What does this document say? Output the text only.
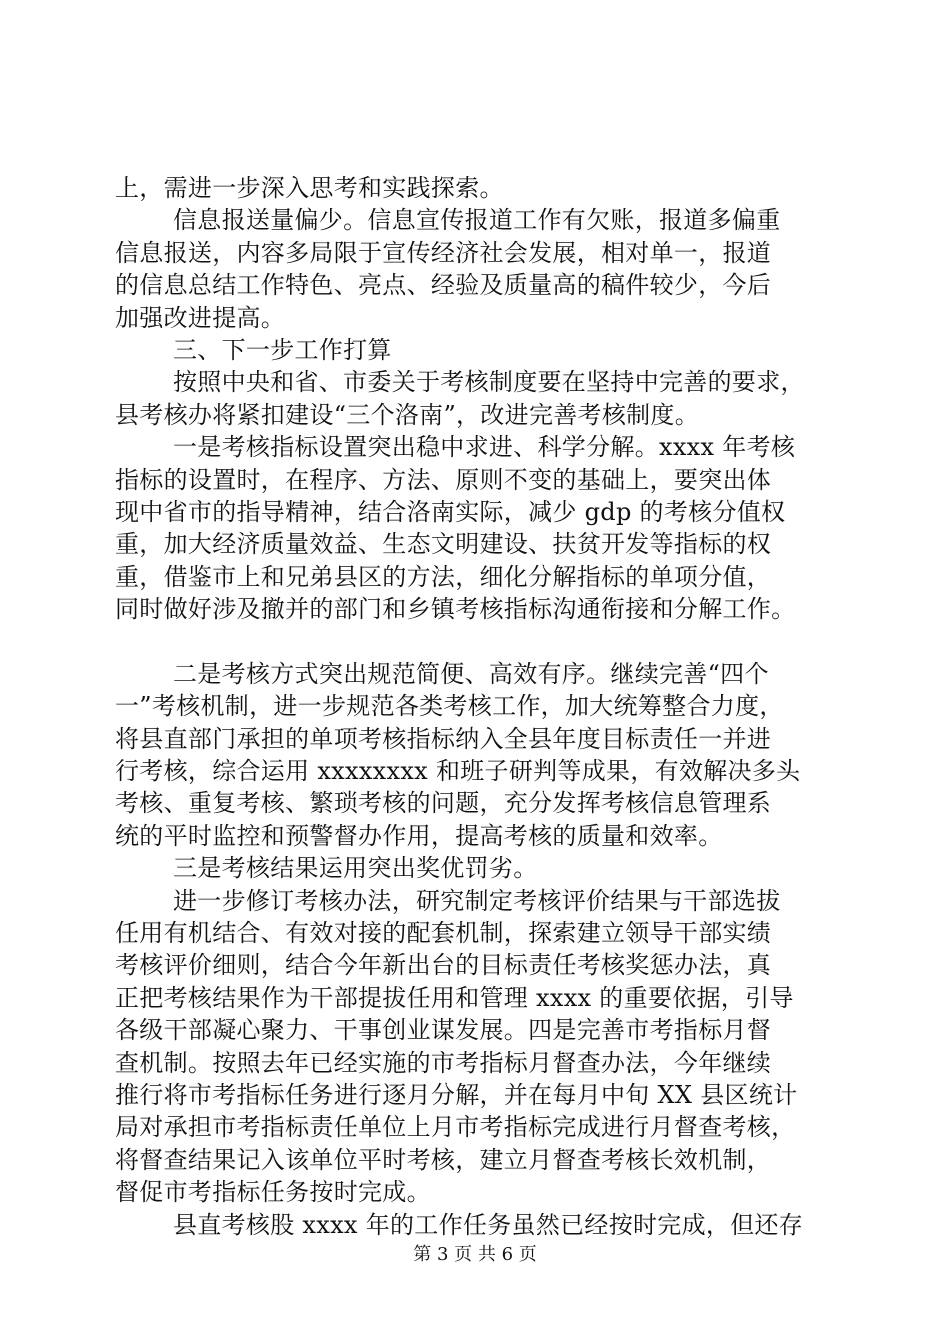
上，需进一步深入思考和实践探索。
信息报送量偏少。信息宣传报道工作有欠账，报道多偏重
信息报送，内容多局限于宣传经济社会发展，相对单一，报道
的信息总结工作特色、亮点、经验及质量高的稿件较少，今后
加强改进提高。
三、下一步工作打算
按照中央和省、市委关于考核制度要在坚持中完善的要求，
县考核办将紧扣建设“三个洛南”，改进完善考核制度。
一是考核指标设置突出稳中求进、科学分解。xxxx 年考核
指标的设置时，在程序、方法、原则不变的基础上，要突出体
现中省市的指导精神，结合洛南实际，减少 gdp 的考核分值权
重，加大经济质量效益、生态文明建设、扶贫开发等指标的权
重，借鉴市上和兄弟县区的方法，细化分解指标的单项分值，
同时做好涉及撤并的部门和乡镇考核指标沟通衔接和分解工作。
二是考核方式突出规范简便、高效有序。继续完善“四个
一”考核机制，进一步规范各类考核工作，加大统筹整合力度，
将县直部门承担的单项考核指标纳入全县年度目标责任一并进
行考核，综合运用 xxxxxxxx 和班子研判等成果，有效解决多头
考核、重复考核、繁琐考核的问题，充分发挥考核信息管理系
统的平时监控和预警督办作用，提高考核的质量和效率。
三是考核结果运用突出奖优罚劣。
进一步修订考核办法，研究制定考核评价结果与干部选拔
任用有机结合、有效对接的配套机制，探索建立领导干部实绩
考核评价细则，结合今年新出台的目标责任考核奖惩办法，真
正把考核结果作为干部提拔任用和管理 xxxx 的重要依据，引导
各级干部凝心聚力、干事创业谋发展。四是完善市考指标月督
查机制。按照去年已经实施的市考指标月督查办法，今年继续
推行将市考指标任务进行逐月分解，并在每月中旬 XX 县区统计
局对承担市考指标责任单位上月市考指标完成进行月督查考核，
将督查结果记入该单位平时考核，建立月督查考核长效机制，
督促市考指标任务按时完成。
县直考核股 xxxx 年的工作任务虽然已经按时完成，但还存
第 3 页 共 6 页
